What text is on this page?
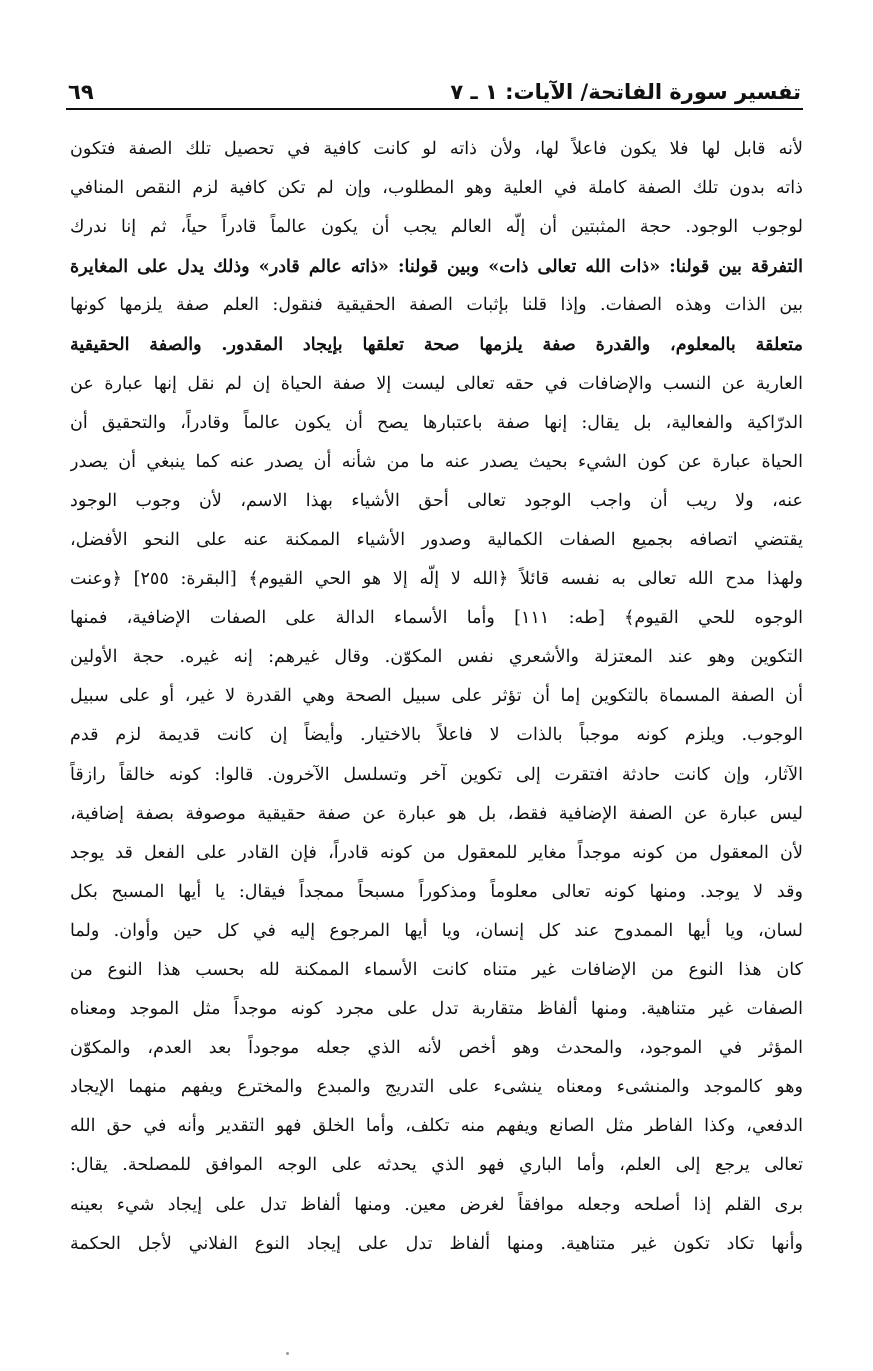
تفسير سورة الفاتحة/ الآيات: ١ ـ ٧
٦٩
لأنه قابل لها فلا يكون فاعلاً لها، ولأن ذاته لو كانت كافية في تحصيل تلك الصفة فتكون
ذاته بدون تلك الصفة كاملة في العلية وهو المطلوب، وإن لم تكن كافية لزم النقص المنافي
لوجوب الوجود. حجة المثبتين أن إلّه العالم يجب أن يكون عالماً قادراً حياً، ثم إنا ندرك
التفرقة بين قولنا: «ذات الله تعالى ذات» وبين قولنا: «ذاته عالم قادر» وذلك يدل على المغايرة
بين الذات وهذه الصفات. وإذا قلنا بإثبات الصفة الحقيقية فنقول: العلم صفة يلزمها كونها
متعلقة بالمعلوم، والقدرة صفة يلزمها صحة تعلقها بإيجاد المقدور. والصفة الحقيقية
العارية عن النسب والإضافات في حقه تعالى ليست إلا صفة الحياة إن لم نقل إنها عبارة عن
الدرّاكية والفعالية، بل يقال: إنها صفة باعتبارها يصح أن يكون عالماً وقادراً، والتحقيق أن
الحياة عبارة عن كون الشيء بحيث يصدر عنه ما من شأنه أن يصدر عنه كما ينبغي أن يصدر
عنه، ولا ريب أن واجب الوجود تعالى أحق الأشياء بهذا الاسم، لأن وجوب الوجود
يقتضي اتصافه بجميع الصفات الكمالية وصدور الأشياء الممكنة عنه على النحو الأفضل،
ولهذا مدح الله تعالى به نفسه قائلاً ﴿الله لا إلّه إلا هو الحي القيوم﴾ [البقرة: ٢٥٥] ﴿وعنت
الوجوه للحي القيوم﴾ [طه: ١١١] وأما الأسماء الدالة على الصفات الإضافية، فمنها
التكوين وهو عند المعتزلة والأشعري نفس المكوّن. وقال غيرهم: إنه غيره. حجة الأولين
أن الصفة المسماة بالتكوين إما أن تؤثر على سبيل الصحة وهي القدرة لا غير، أو على سبيل
الوجوب. ويلزم كونه موجباً بالذات لا فاعلاً بالاختيار. وأيضاً إن كانت قديمة لزم قدم
الآثار، وإن كانت حادثة افتقرت إلى تكوين آخر وتسلسل الآخرون. قالوا: كونه خالقاً رازقاً
ليس عبارة عن الصفة الإضافية فقط، بل هو عبارة عن صفة حقيقية موصوفة بصفة إضافية،
لأن المعقول من كونه موجداً مغاير للمعقول من كونه قادراً، فإن القادر على الفعل قد يوجد
وقد لا يوجد. ومنها كونه تعالى معلوماً ومذكوراً مسبحاً ممجداً فيقال: يا أيها المسبح بكل
لسان، ويا أيها الممدوح عند كل إنسان، ويا أيها المرجوع إليه في كل حين وأوان. ولما
كان هذا النوع من الإضافات غير متناه كانت الأسماء الممكنة لله بحسب هذا النوع من
الصفات غير متناهية. ومنها ألفاظ متقاربة تدل على مجرد كونه موجداً مثل الموجد ومعناه
المؤثر في الموجود، والمحدث وهو أخص لأنه الذي جعله موجوداً بعد العدم، والمكوّن
وهو كالموجد والمنشىء ومعناه ينشىء على التدريج والمبدع والمخترع ويفهم منهما الإيجاد
الدفعي، وكذا الفاطر مثل الصانع ويفهم منه تكلف، وأما الخلق فهو التقدير وأنه في حق الله
تعالى يرجع إلى العلم، وأما الباري فهو الذي يحدثه على الوجه الموافق للمصلحة. يقال:
برى القلم إذا أصلحه وجعله موافقاً لغرض معين. ومنها ألفاظ تدل على إيجاد شيء بعينه
وأنها تكاد تكون غير متناهية. ومنها ألفاظ تدل على إيجاد النوع الفلاني لأجل الحكمة
